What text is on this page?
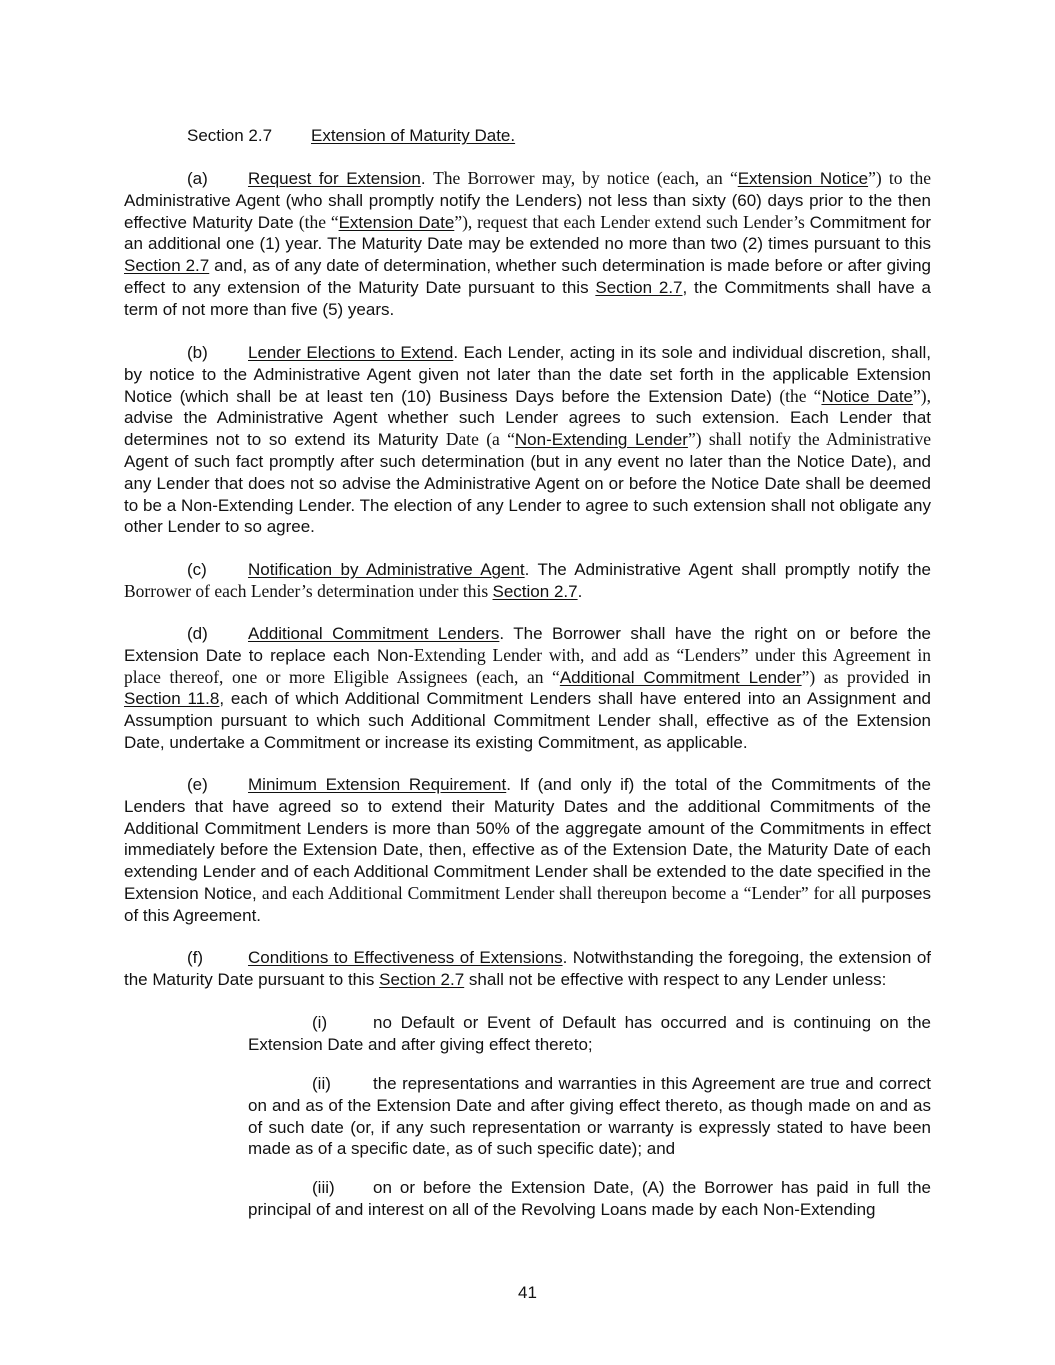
Section 2.7 Extension of Maturity Date.
(a) Request for Extension. The Borrower may, by notice (each, an “Extension Notice”) to the Administrative Agent (who shall promptly notify the Lenders) not less than sixty (60) days prior to the then effective Maturity Date (the “Extension Date”), request that each Lender extend such Lender’s Commitment for an additional one (1) year. The Maturity Date may be extended no more than two (2) times pursuant to this Section 2.7 and, as of any date of determination, whether such determination is made before or after giving effect to any extension of the Maturity Date pursuant to this Section 2.7, the Commitments shall have a term of not more than five (5) years.
(b) Lender Elections to Extend. Each Lender, acting in its sole and individual discretion, shall, by notice to the Administrative Agent given not later than the date set forth in the applicable Extension Notice (which shall be at least ten (10) Business Days before the Extension Date) (the “Notice Date”), advise the Administrative Agent whether such Lender agrees to such extension. Each Lender that determines not to so extend its Maturity Date (a “Non-Extending Lender”) shall notify the Administrative Agent of such fact promptly after such determination (but in any event no later than the Notice Date), and any Lender that does not so advise the Administrative Agent on or before the Notice Date shall be deemed to be a Non-Extending Lender. The election of any Lender to agree to such extension shall not obligate any other Lender to so agree.
(c) Notification by Administrative Agent. The Administrative Agent shall promptly notify the Borrower of each Lender’s determination under this Section 2.7.
(d) Additional Commitment Lenders. The Borrower shall have the right on or before the Extension Date to replace each Non-Extending Lender with, and add as “Lenders” under this Agreement in place thereof, one or more Eligible Assignees (each, an “Additional Commitment Lender”) as provided in Section 11.8, each of which Additional Commitment Lenders shall have entered into an Assignment and Assumption pursuant to which such Additional Commitment Lender shall, effective as of the Extension Date, undertake a Commitment or increase its existing Commitment, as applicable.
(e) Minimum Extension Requirement. If (and only if) the total of the Commitments of the Lenders that have agreed so to extend their Maturity Dates and the additional Commitments of the Additional Commitment Lenders is more than 50% of the aggregate amount of the Commitments in effect immediately before the Extension Date, then, effective as of the Extension Date, the Maturity Date of each extending Lender and of each Additional Commitment Lender shall be extended to the date specified in the Extension Notice, and each Additional Commitment Lender shall thereupon become a “Lender” for all purposes of this Agreement.
(f)	Conditions to Effectiveness of Extensions. Notwithstanding the foregoing, the extension of the Maturity Date pursuant to this Section 2.7 shall not be effective with respect to any Lender unless:
(i)	no Default or Event of Default has occurred and is continuing on the Extension Date and after giving effect thereto;
(ii) the representations and warranties in this Agreement are true and correct on and as of the Extension Date and after giving effect thereto, as though made on and as of such date (or, if any such representation or warranty is expressly stated to have been made as of a specific date, as of such specific date); and
(iii) on or before the Extension Date, (A) the Borrower has paid in full the principal of and interest on all of the Revolving Loans made by each Non-Extending
41
